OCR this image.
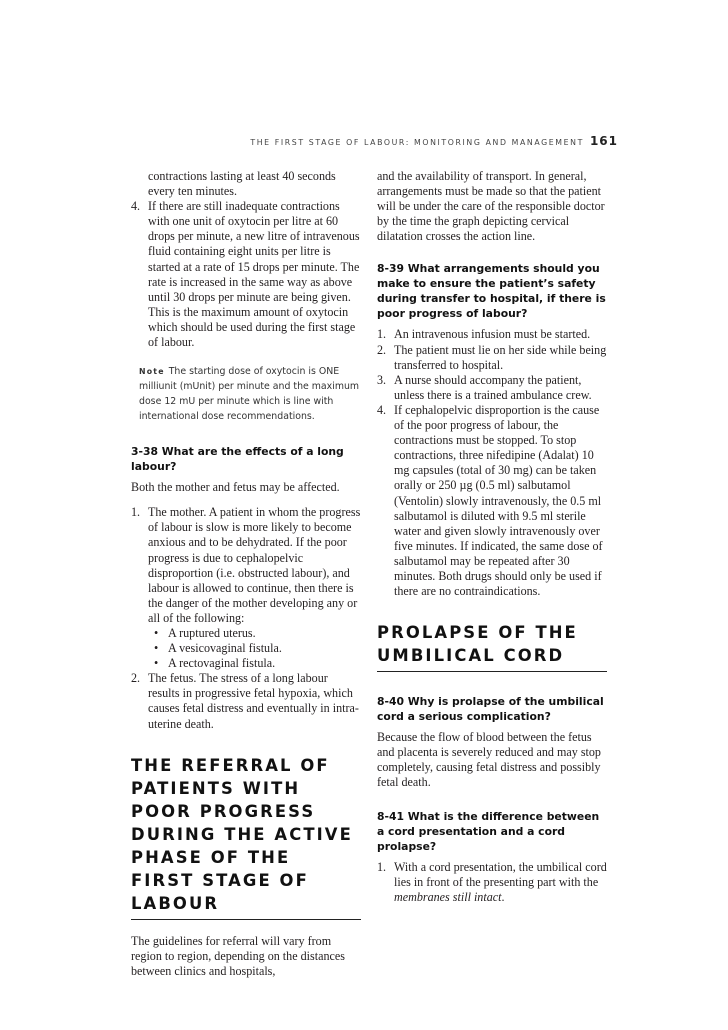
THE FIRST STAGE OF LABOUR: MONITORING AND MANAGEMENT 161

contractions lasting at least 40 seconds every ten minutes.

4. If there are still inadequate contractions with one unit of oxytocin per litre at 60 drops per minute, a new litre of intravenous fluid containing eight units per litre is started at a rate of 15 drops per minute. The rate is increased in the same way as above until 30 drops per minute are being given. This is the maximum amount of oxytocin which should be used during the first stage of labour.
Note The starting dose of oxytocin is ONE milliunit (mUnit) per minute and the maximum dose 12 mU per minute which is line with international dose recommendations.
3-38 What are the effects of a long labour?

Both the mother and fetus may be affected.

1. The mother. A patient in whom the progress of labour is slow is more likely to become anxious and to be dehydrated. If the poor progress is due to cephalopelvic disproportion (i.e. obstructed labour), and labour is allowed to continue, then there is the danger of the mother developing any or all of the following:
• A ruptured uterus.
• A vesicovaginal fistula.
• A rectovaginal fistula.
2. The fetus. The stress of a long labour results in progressive fetal hypoxia, which causes fetal distress and eventually in intra-uterine death.
THE REFERRAL OF PATIENTS WITH POOR PROGRESS DURING THE ACTIVE PHASE OF THE FIRST STAGE OF LABOUR

The guidelines for referral will vary from region to region, depending on the distances between clinics and hospitals,

and the availability of transport. In general, arrangements must be made so that the patient will be under the care of the responsible doctor by the time the graph depicting cervical dilatation crosses the action line.

8-39 What arrangements should you make to ensure the patient’s safety during transfer to hospital, if there is poor progress of labour?
1. An intravenous infusion must be started.
2. The patient must lie on her side while being transferred to hospital.
3. A nurse should accompany the patient, unless there is a trained ambulance crew.
4. If cephalopelvic disproportion is the cause of the poor progress of labour, the contractions must be stopped. To stop contractions, three nifedipine (Adalat) 10 mg capsules (total of 30 mg) can be taken orally or 250 µg (0.5 ml) salbutamol (Ventolin) slowly intravenously, the 0.5 ml salbutamol is diluted with 9.5 ml sterile water and given slowly intravenously over five minutes. If indicated, the same dose of salbutamol may be repeated after 30 minutes. Both drugs should only be used if there are no contraindications.
PROLAPSE OF THE UMBILICAL CORD
8-40 Why is prolapse of the umbilical cord a serious complication?

Because the flow of blood between the fetus and placenta is severely reduced and may stop completely, causing fetal distress and possibly fetal death.

8-41 What is the difference between a cord presentation and a cord prolapse?
1. With a cord presentation, the umbilical cord lies in front of the presenting part with the membranes still intact.
